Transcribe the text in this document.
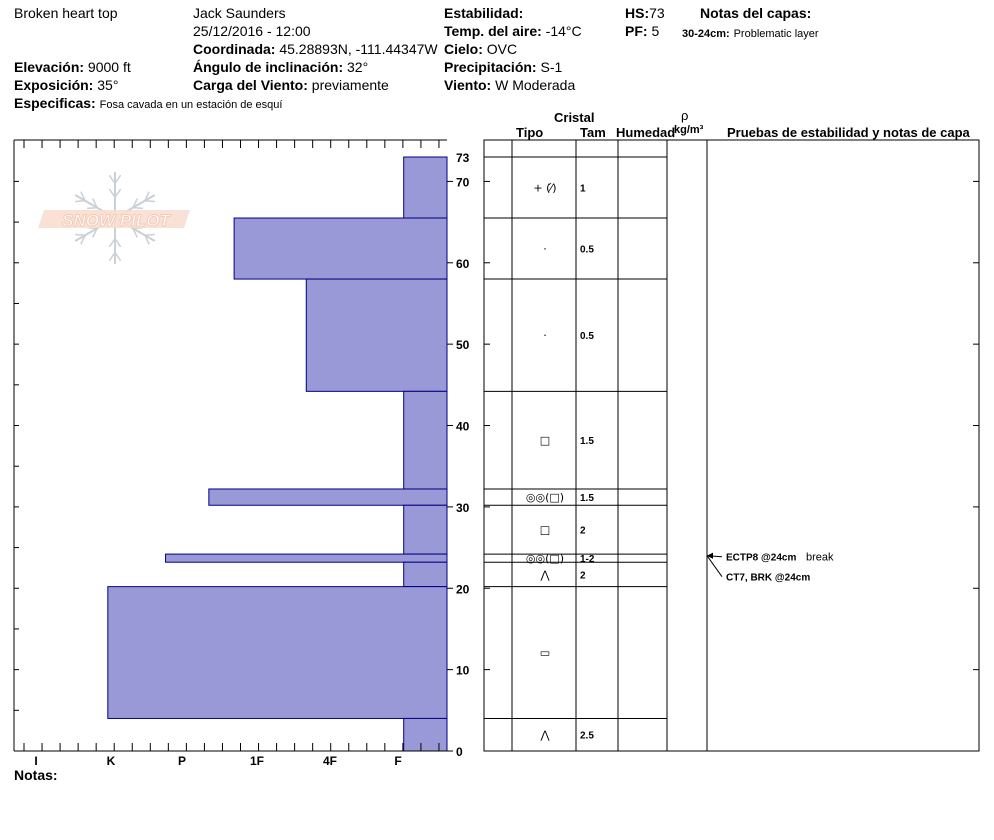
Broken heart top	Jack Saunders
25/12/2016 - 12:00
Coordinada: 45.28893N, -111.44347W
Elevación: 9000 ft
Exposición: 35°
Especificas: Fosa cavada en un estación de esquí
Ángulo de inclinación: 32°
Carga del Viento: previamente
Estabilidad:
Temp. del aire: -14°C
Cielo: OVC
Precipitación: S-1
Viento: W Moderada
HS:73
PF: 5
Notas del capas:
30-24cm: Problematic layer
Cristal
Tipo	Tam Humedad
ρ
kg/m³ Pruebas de estabilidad y notas de capa
0
10
20
30
40
50
60
70
73
I	K	P	1F	4F	F
+ (⁄́) 1
·	0.5
·	0.5
□	1.5
◎◎(□) 1.5
□	2
◎◎(□) 1-2
⋀	2
▭
⋀	2.5
ECTP8 @24cm break
CT7, BRK @24cm
SNOW PILOT
Notas:
